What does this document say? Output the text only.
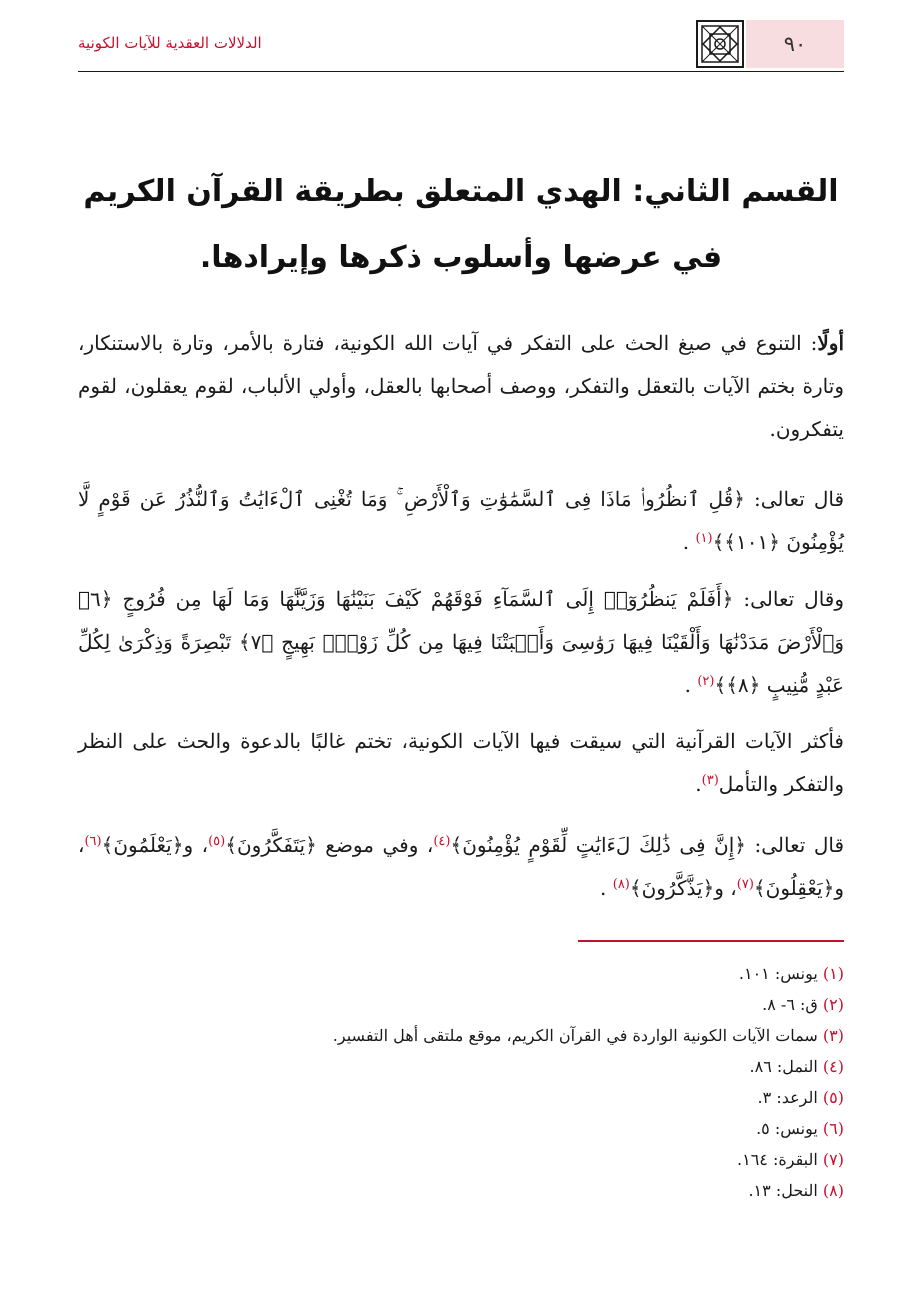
٩٠
الدلالات العقدية للآيات الكونية
القسم الثاني: الهدي المتعلق بطريقة القرآن الكريم
في عرضها وأسلوب ذكرها وإيرادها.
أولًا: التنوع في صيغ الحث على التفكر في آيات الله الكونية، فتارة بالأمر، وتارة بالاستنكار، وتارة بختم الآيات بالتعقل والتفكر، ووصف أصحابها بالعقل، وأولي الألباب، لقوم يعقلون، لقوم يتفكرون.
قال تعالى: ﴿قُلِ ٱنظُرُوا۟ مَاذَا فِى ٱلسَّمَٰوَٰتِ وَٱلْأَرْضِ ۚ وَمَا تُغْنِى ٱلْءَايَٰتُ وَٱلنُّذُرُ عَن قَوْمٍ لَّا يُؤْمِنُونَ ﴿١٠١﴾﴾$^{(١)}$ .
وقال تعالى: ﴿أَفَلَمْ يَنظُرُوٓا۟ إِلَى ٱلسَّمَآءِ فَوْقَهُمْ كَيْفَ بَنَيْنَٰهَا وَزَيَّنَّٰهَا وَمَا لَهَا مِن فُرُوجٍ ﴿٦﴾ وَٱلْأَرْضَ مَدَدْنَٰهَا وَأَلْقَيْنَا فِيهَا رَوَٰسِىَ وَأَنۢبَتْنَا فِيهَا مِن كُلِّ زَوْجٍۭ بَهِيجٍ ﴿٧﴾ تَبْصِرَةً وَذِكْرَىٰ لِكُلِّ عَبْدٍ مُّنِيبٍ ﴿٨﴾﴾$^{(٢)}$ .
فأكثر الآيات القرآنية التي سيقت فيها الآيات الكونية، تختم غالبًا بالدعوة والحث على النظر والتفكر والتأمل$^{(٣)}$.
قال تعالى: ﴿إِنَّ فِى ذَٰلِكَ لَءَايَٰتٍ لِّقَوْمٍ يُؤْمِنُونَ﴾$^{(٤)}$، وفي موضع ﴿يَتَفَكَّرُونَ﴾$^{(٥)}$، و﴿يَعْلَمُونَ﴾$^{(٦)}$، و﴿يَعْقِلُونَ﴾$^{(٧)}$، و﴿يَذَّكَّرُونَ﴾$^{(٨)}$ .
(١) يونس: ١٠١.
(٢) ق: ٦- ٨.
(٣) سمات الآيات الكونية الواردة في القرآن الكريم، موقع ملتقى أهل التفسير.
(٤) النمل: ٨٦.
(٥) الرعد: ٣.
(٦) يونس: ٥.
(٧) البقرة: ١٦٤.
(٨) النحل: ١٣.
